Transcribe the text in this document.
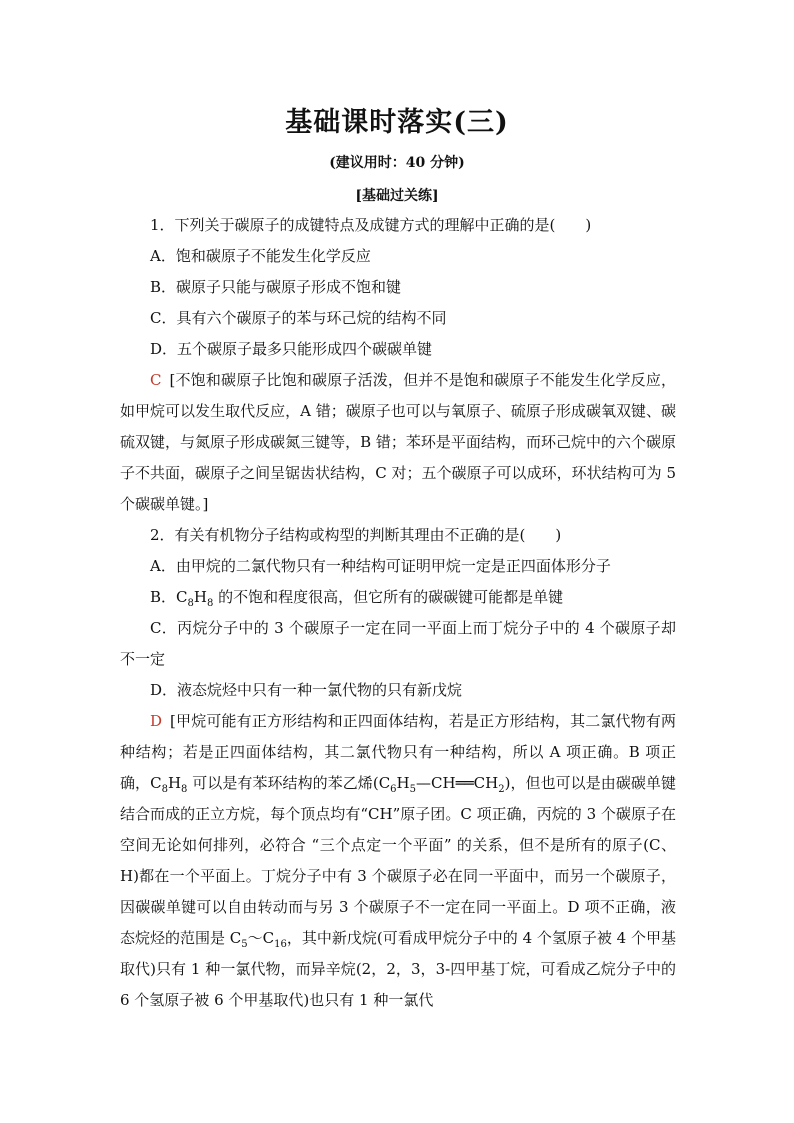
基础课时落实(三)
(建议用时：40 分钟)
[基础过关练]

1．下列关于碳原子的成键特点及成键方式的理解中正确的是(　　)

A．饱和碳原子不能发生化学反应

B．碳原子只能与碳原子形成不饱和键

C．具有六个碳原子的苯与环己烷的结构不同

D．五个碳原子最多只能形成四个碳碳单键

C [不饱和碳原子比饱和碳原子活泼，但并不是饱和碳原子不能发生化学反应，如甲烷可以发生取代反应，A 错；碳原子也可以与氧原子、硫原子形成碳氧双键、碳硫双键，与氮原子形成碳氮三键等，B 错；苯环是平面结构，而环己烷中的六个碳原子不共面，碳原子之间呈锯齿状结构，C 对；五个碳原子可以成环，环状结构可为 5 个碳碳单键。]

2．有关有机物分子结构或构型的判断其理由不正确的是(　　)

A．由甲烷的二氯代物只有一种结构可证明甲烷一定是正四面体形分子

B．$C_8H_8$ 的不饱和程度很高，但它所有的碳碳键可能都是单键

C．丙烷分子中的 3 个碳原子一定在同一平面上而丁烷分子中的 4 个碳原子却不一定

D．液态烷烃中只有一种一氯代物的只有新戊烷

D [甲烷可能有正方形结构和正四面体结构，若是正方形结构，其二氯代物有两种结构；若是正四面体结构，其二氯代物只有一种结构，所以 A 项正确。B 项正确，$C_8H_8$ 可以是有苯环结构的苯乙烯$(C_6H_5—CH══CH_2)$，但也可以是由碳碳单键结合而成的正立方烷，每个顶点均有“CH”原子团。C 项正确，丙烷的 3 个碳原子在空间无论如何排列，必符合 “三个点定一个平面” 的关系，但不是所有的原子(C、H)都在一个平面上。丁烷分子中有 3 个碳原子必在同一平面中，而另一个碳原子，因碳碳单键可以自由转动而与另 3 个碳原子不一定在同一平面上。D 项不正确，液态烷烃的范围是 $C_5\sim C_{16}$，其中新戊烷(可看成甲烷分子中的 4 个氢原子被 4 个甲基取代)只有 1 种一氯代物，而异辛烷(2，2，3，3-四甲基丁烷，可看成乙烷分子中的 6 个氢原子被 6 个甲基取代)也只有 1 种一氯代
